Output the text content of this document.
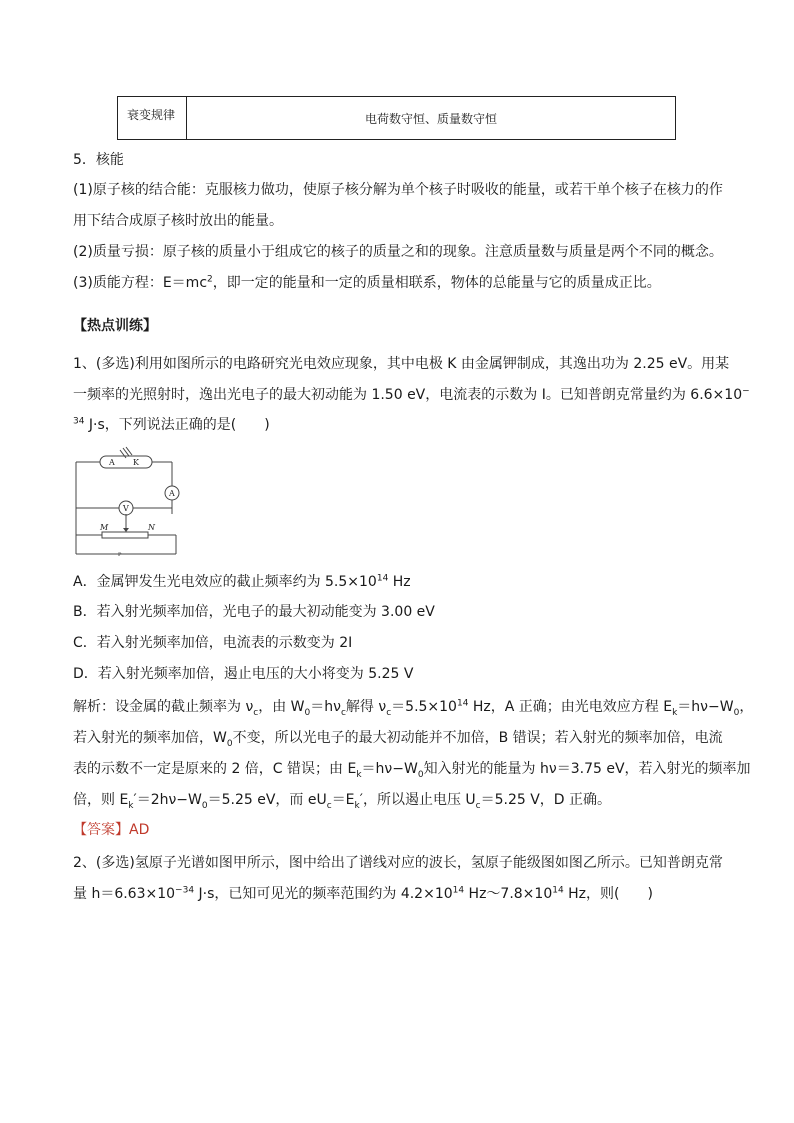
衰变规律	电荷数守恒、质量数守恒
5．核能
(1)原子核的结合能：克服核力做功，使原子核分解为单个核子时吸收的能量，或若干单个核子在核力的作
用下结合成原子核时放出的能量。
(2)质量亏损：原子核的质量小于组成它的核子的质量之和的现象。注意质量数与质量是两个不同的概念。
(3)质能方程：$E=mc^2$，即一定的能量和一定的质量相联系，物体的总能量与它的质量成正比。
【热点训练】
1、(多选)利用如图所示的电路研究光电效应现象，其中电极 K 由金属钾制成，其逸出功为 2.25 eV。用某
一频率的光照射时，逸出光电子的最大初动能为 1.50 eV，电流表的示数为 I。已知普朗克常量约为 6.6×10−
$^{34}$ J·s，下列说法正确的是(　　)
A K
A
V
M	N
P
A．金属钾发生光电效应的截止频率约为 $5.5\times 10^{14}$ Hz
B．若入射光频率加倍，光电子的最大初动能变为 3.00 eV
C．若入射光频率加倍，电流表的示数变为 2I
D．若入射光频率加倍，遏止电压的大小将变为 5.25 V
解析：设金属的截止频率为 $\nu_c$，由 $W_0=h\nu_c$解得 $\nu_c=5.5\times 10^{14}$ Hz，A 正确；由光电效应方程 $E_k=h\nu-W_0$，
若入射光的频率加倍，$W_0$不变，所以光电子的最大初动能并不加倍，B 错误；若入射光的频率加倍，电流
表的示数不一定是原来的 2 倍，C 错误；由 $E_k=h\nu-W_0$知入射光的能量为 hν＝3.75 eV，若入射光的频率加
倍，则 $E_k'=2h\nu-W_0=5.25$ eV，而 $eU_c=E_k'$，所以遏止电压 $U_c=5.25$ V，D 正确。
【答案】AD
2、(多选)氢原子光谱如图甲所示，图中给出了谱线对应的波长，氢原子能级图如图乙所示。已知普朗克常
量 $h=6.63\times 10^{-34}$ J·s，已知可见光的频率范围约为 $4.2\times 10^{14}$ $Hz\sim 7.8\times 10^{14}$ Hz，则(　　)
